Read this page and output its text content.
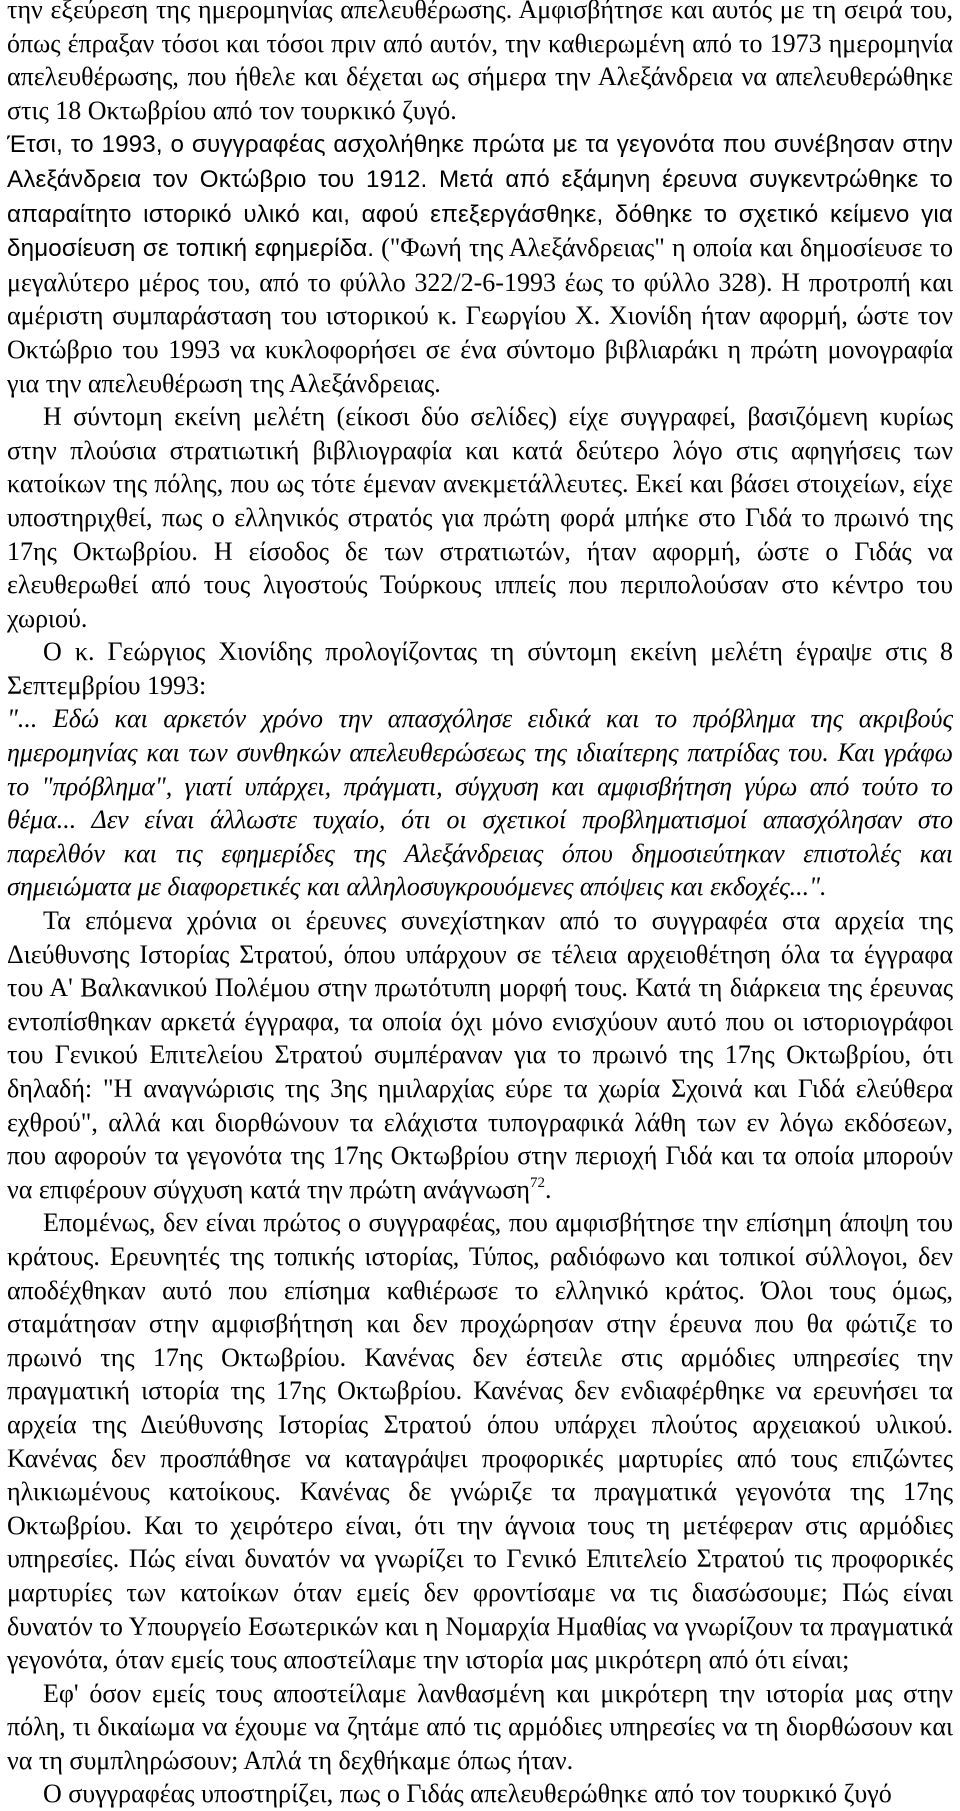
την εξεύρεση της ημερομηνίας απελευθέρωσης. Αμφισβήτησε και αυτός με τη σειρά του, όπως έπραξαν τόσοι και τόσοι πριν από αυτόν, την καθιερωμένη από το 1973 ημερομηνία απελευθέρωσης, που ήθελε και δέχεται ως σήμερα την Αλεξάνδρεια να απελευθερώθηκε στις 18 Οκτωβρίου από τον τουρκικό ζυγό.
Έτσι, το 1993, ο συγγραφέας ασχολήθηκε πρώτα με τα γεγονότα που συνέβησαν στην Αλεξάνδρεια τον Οκτώβριο του 1912. Μετά από εξάμηνη έρευνα συγκεντρώθηκε το απαραίτητο ιστορικό υλικό και, αφού επεξεργάσθηκε, δόθηκε το σχετικό κείμενο για δημοσίευση σε τοπική εφημερίδα. ("Φωνή της Αλεξάνδρειας" η οποία και δημοσίευσε το μεγαλύτερο μέρος του, από το φύλλο 322/2-6-1993 έως το φύλλο 328). Η προτροπή και αμέριστη συμπαράσταση του ιστορικού κ. Γεωργίου Χ. Χιονίδη ήταν αφορμή, ώστε τον Οκτώβριο του 1993 να κυκλοφορήσει σε ένα σύντομο βιβλιαράκι η πρώτη μονογραφία για την απελευθέρωση της Αλεξάνδρειας.

Η σύντομη εκείνη μελέτη (είκοσι δύο σελίδες) είχε συγγραφεί, βασιζόμενη κυρίως στην πλούσια στρατιωτική βιβλιογραφία και κατά δεύτερο λόγο στις αφηγήσεις των κατοίκων της πόλης, που ως τότε έμεναν ανεκμετάλλευτες. Εκεί και βάσει στοιχείων, είχε υποστηριχθεί, πως ο ελληνικός στρατός για πρώτη φορά μπήκε στο Γιδά το πρωινό της 17ης Οκτωβρίου. Η είσοδος δε των στρατιωτών, ήταν αφορμή, ώστε ο Γιδάς να ελευθερωθεί από τους λιγοστούς Τούρκους ιππείς που περιπολούσαν στο κέντρο του χωριού.

Ο κ. Γεώργιος Χιονίδης προλογίζοντας τη σύντομη εκείνη μελέτη έγραψε στις 8 Σεπτεμβρίου 1993:

"... Εδώ και αρκετόν χρόνο την απασχόλησε ειδικά και το πρόβλημα της ακριβούς ημερομηνίας και των συνθηκών απελευθερώσεως της ιδιαίτερης πατρίδας του. Και γράφω το "πρόβλημα", γιατί υπάρχει, πράγματι, σύγχυση και αμφισβήτηση γύρω από τούτο το θέμα... Δεν είναι άλλωστε τυχαίο, ότι οι σχετικοί προβληματισμοί απασχόλησαν στο παρελθόν και τις εφημερίδες της Αλεξάνδρειας όπου δημοσιεύτηκαν επιστολές και σημειώματα με διαφορετικές και αλληλοσυγκρουόμενες απόψεις και εκδοχές...".

Τα επόμενα χρόνια οι έρευνες συνεχίστηκαν από το συγγραφέα στα αρχεία της Διεύθυνσης Ιστορίας Στρατού, όπου υπάρχουν σε τέλεια αρχειοθέτηση όλα τα έγγραφα του Α' Βαλκανικού Πολέμου στην πρωτότυπη μορφή τους. Κατά τη διάρκεια της έρευνας εντοπίσθηκαν αρκετά έγγραφα, τα οποία όχι μόνο ενισχύουν αυτό που οι ιστοριογράφοι του Γενικού Επιτελείου Στρατού συμπέραναν για το πρωινό της 17ης Οκτωβρίου, ότι δηλαδή: "Η αναγνώρισις της 3ης ημιλαρχίας εύρε τα χωρία Σχοινά και Γιδά ελεύθερα εχθρού", αλλά και διορθώνουν τα ελάχιστα τυπογραφικά λάθη των εν λόγω εκδόσεων, που αφορούν τα γεγονότα της 17ης Οκτωβρίου στην περιοχή Γιδά και τα οποία μπορούν να επιφέρουν σύγχυση κατά την πρώτη ανάγνωση$^{72}$.

Επομένως, δεν είναι πρώτος ο συγγραφέας, που αμφισβήτησε την επίσημη άποψη του κράτους. Ερευνητές της τοπικής ιστορίας, Τύπος, ραδιόφωνο και τοπικοί σύλλογοι, δεν αποδέχθηκαν αυτό που επίσημα καθιέρωσε το ελληνικό κράτος. Όλοι τους όμως, σταμάτησαν στην αμφισβήτηση και δεν προχώρησαν στην έρευνα που θα φώτιζε το πρωινό της 17ης Οκτωβρίου. Κανένας δεν έστειλε στις αρμόδιες υπηρεσίες την πραγματική ιστορία της 17ης Οκτωβρίου. Κανένας δεν ενδιαφέρθηκε να ερευνήσει τα αρχεία της Διεύθυνσης Ιστορίας Στρατού όπου υπάρχει πλούτος αρχειακού υλικού. Κανένας δεν προσπάθησε να καταγράψει προφορικές μαρτυρίες από τους επιζώντες ηλικιωμένους κατοίκους. Κανένας δε γνώριζε τα πραγματικά γεγονότα της 17ης Οκτωβρίου. Και το χειρότερο είναι, ότι την άγνοια τους τη μετέφεραν στις αρμόδιες υπηρεσίες. Πώς είναι δυνατόν να γνωρίζει το Γενικό Επιτελείο Στρατού τις προφορικές μαρτυρίες των κατοίκων όταν εμείς δεν φροντίσαμε να τις διασώσουμε; Πώς είναι δυνατόν το Υπουργείο Εσωτερικών και η Νομαρχία Ημαθίας να γνωρίζουν τα πραγματικά γεγονότα, όταν εμείς τους αποστείλαμε την ιστορία μας μικρότερη από ότι είναι;

Εφ' όσον εμείς τους αποστείλαμε λανθασμένη και μικρότερη την ιστορία μας στην πόλη, τι δικαίωμα να έχουμε να ζητάμε από τις αρμόδιες υπηρεσίες να τη διορθώσουν και να τη συμπληρώσουν; Απλά τη δεχθήκαμε όπως ήταν.

Ο συγγραφέας υποστηρίζει, πως ο Γιδάς απελευθερώθηκε από τον τουρκικό ζυγό
